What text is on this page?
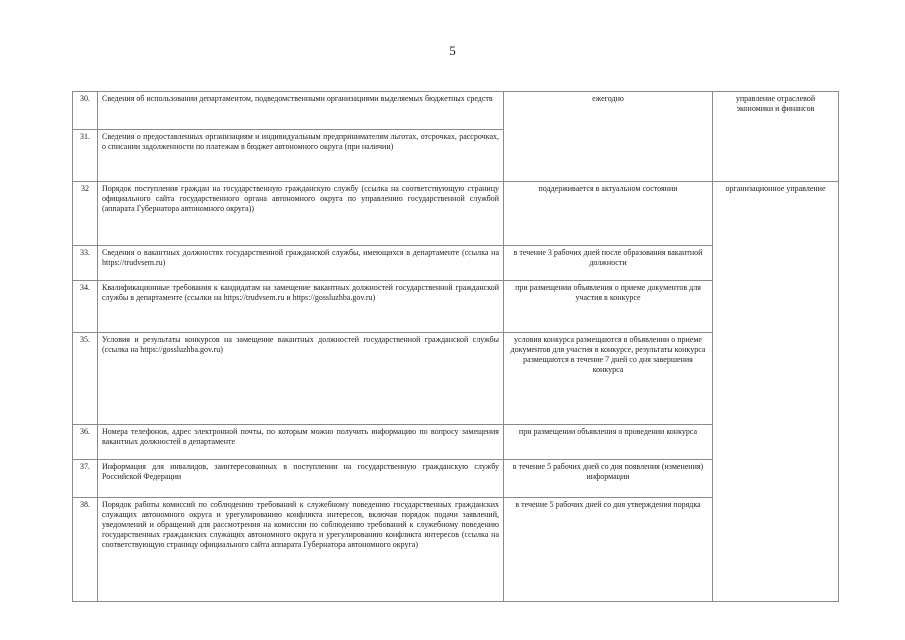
5
30.	Сведения об использовании департаментом, подведомственными организациями выделяемых бюджетных средств	ежегодно	управление отраслевой экономики и финансов
31.	Сведения о предоставленных организациям и индивидуальным предпринимателям льготах, отсрочках, рассрочках, о списании задолженности по платежам в бюджет автономного округа (при наличии)		
32	Порядок поступления граждан на государственную гражданскую службу (ссылка на соответствующую страницу официального сайта государственного органа автономного округа по управлению государственной службой (аппарата Губернатора автономного округа))	поддерживается в актуальном состоянии	организационное управление
33.	Сведения о вакантных должностях государственной гражданской службы, имеющихся в департаменте (ссылка на https://trudvsem.ru)	в течение 3 рабочих дней после образования вакантной должности	
34.	Квалификационные требования к кандидатам на замещение вакантных должностей государственной гражданской службы в департаменте (ссылки на https://trudvsem.ru и https://gossluzhba.gov.ru)	при размещении объявления о приеме документов для участия в конкурсе	
35.	Условия и результаты конкурсов на замещение вакантных должностей государственной гражданской службы (ссылка на https://gossluzhba.gov.ru)	условия конкурса размещаются в объявлении о приеме документов для участия в конкурсе, результаты конкурса размещаются в течение 7 дней со дня завершения конкурса	
36.	Номера телефонов, адрес электронной почты, по которым можно получить информацию по вопросу замещения вакантных должностей в департаменте	при размещении объявления о проведении конкурса	
37.	Информация для инвалидов, заинтересованных в поступлении на государственную гражданскую службу Российской Федерации	в течение 5 рабочих дней со дня появления (изменения) информации	
38.	Порядок работы комиссий по соблюдению требований к служебному поведению государственных гражданских служащих автономного округа и урегулированию конфликта интересов, включая порядок подачи заявлений, уведомлений и обращений для рассмотрения на комиссии по соблюдению требований к служебному поведению государственных гражданских служащих автономного округа и урегулированию конфликта интересов (ссылка на соответствующую страницу официального сайта аппарата Губернатора автономного округа)	в течение 5 рабочих дней со дня утверждения порядка	
